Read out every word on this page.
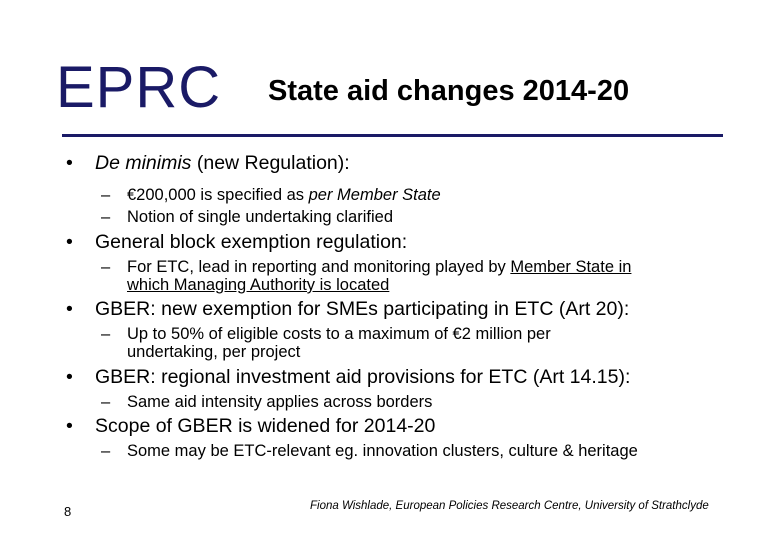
EPRC State aid changes 2014-20
•	De minimis (new Regulation):
– €200,000 is specified as per Member State
– Notion of single undertaking clarified
•	General block exemption regulation:
– For ETC, lead in reporting and monitoring played by Member State in
which Managing Authority is located
•	GBER: new exemption for SMEs participating in ETC (Art 20):
– Up to 50% of eligible costs to a maximum of €2 million per
undertaking, per project
•	GBER: regional investment aid provisions for ETC (Art 14.15):
– Same aid intensity applies across borders
•	Scope of GBER is widened for 2014-20
– Some may be ETC-relevant eg. innovation clusters, culture & heritage
8	Fiona Wishlade, European Policies Research Centre, University of Strathclyde
